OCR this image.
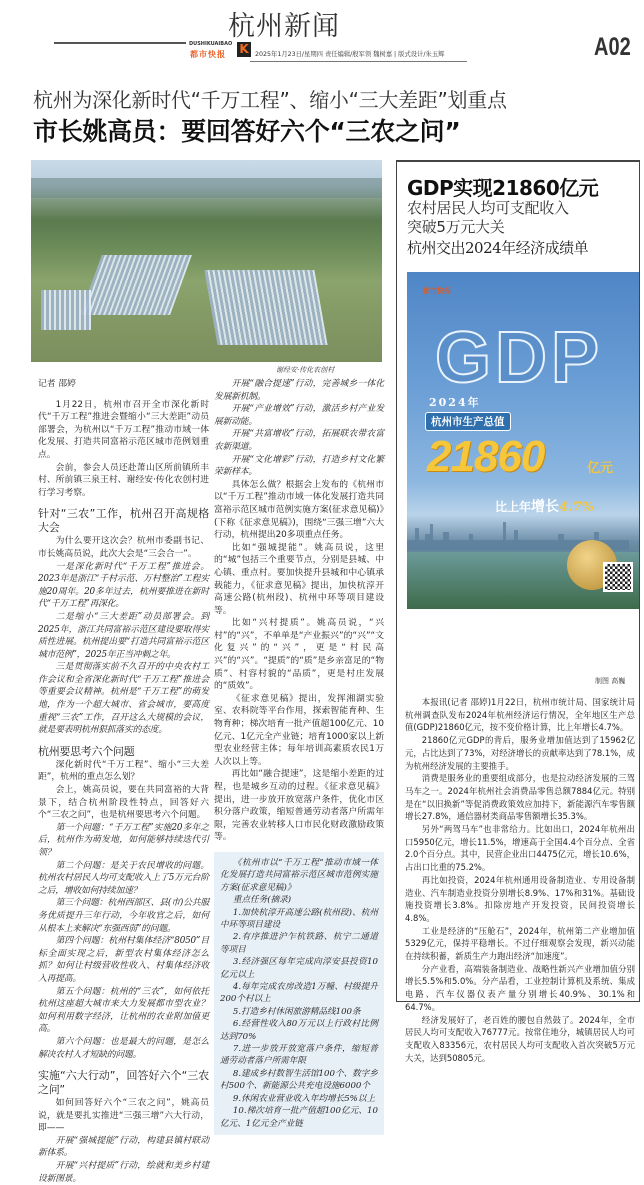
杭州新闻
DUSHIKUAIBAO
都市快报 K	2025年1月23日/星期四 责任编辑/殷军领 魏树嘉 | 版式设计/朱玉辉	A02
杭州为深化新时代“千万工程”、缩小“三大差距”划重点
市长姚高员：要回答好六个“三农之问”
谢经安·传化农创村

记者 邵婷

1月22日，杭州市召开全市深化新时代“千万工程”推进会暨缩小“三大差距”动员部署会，为杭州以“千万工程”推动市域一体化发展、打造共同富裕示范区城市范例划重点。

会前，参会人员还赴萧山区所前镇所丰村、所前镇三泉王村、谢经安·传化农创村进行学习考察。

针对“三农”工作，杭州召开高规格大会

为什么要开这次会？杭州市委副书记、市长姚高员说，此次大会是“三会合一”。

一是深化新时代“千万工程”推进会。2023年是浙江“千村示范、万村整治”工程实施20周年。20多年过去，杭州要推进在新时代“千万工程”再深化。

二是缩小“三大差距”动员部署会。到2025年，浙江共同富裕示范区建设要取得实质性进展。杭州提出要“打造共同富裕示范区城市范例”，2025年正当冲刺之年。

三是贯彻落实前不久召开的中央农村工作会议和全省深化新时代“千万工程”推进会等重要会议精神。杭州是“千万工程”的萌发地，作为一个超大城市、省会城市，要高度重视“三农”工作，召开这么大规模的会议，就是要表明杭州狠抓落实的态度。

杭州要思考六个问题

深化新时代“千万工程”、缩小“三大差距”，杭州的重点怎么划？

会上，姚高员说，要在共同富裕的大背景下，结合杭州阶段性特点，回答好六个“三农之问”，也是杭州要思考六个问题。

第一个问题：“千万工程”实施20多年之后，杭州作为萌发地，如何能够持续迭代引领？

第二个问题：是关于农民增收的问题。杭州农村居民人均可支配收入上了5万元台阶之后，增收如何持续加速？

第三个问题：杭州西部区、县(市)公共服务优质提升三年行动，今年收官之后，如何从根本上来解决“东强西弱”的问题。

第四个问题：杭州村集体经济“8050”目标全面实现之后，新型农村集体经济怎么抓？如何让村级营收性收入、村集体经济收入再提高。

第五个问题：杭州的“三农”，如何依托杭州这座超大城市来大力发展都市型农业？如何利用数字经济，让杭州的农业附加值更高。

第六个问题：也是最大的问题，是怎么解决农村人才短缺的问题。

实施“六大行动”，回答好六个“三农之问”

如何回答好六个“三农之问”，姚高员说，就是要扎实推进“三强三增”六大行动，即——

开展“强城提能”行动，构建县镇村联动新体系。

开展“兴村提质”行动，绘就和美乡村建设新图景。

开展“融合提速”行动，完善城乡一体化发展新机制。

开展“产业增效”行动，激活乡村产业发展新动能。

开展“共富增收”行动，拓展联农带农富农新渠道。

开展“文化增彩”行动，打造乡村文化繁荣新样本。

具体怎么做？根据会上发布的《杭州市以“千万工程”推动市域一体化发展打造共同富裕示范区城市范例实施方案(征求意见稿)》(下称《征求意见稿》)，围绕“三强三增”六大行动，杭州提出20多项重点任务。

比如“强城提能”。姚高员说，这里的“城”包括三个重要节点，分别是县城、中心镇、重点村。要加快提升县城和中心镇承载能力，《征求意见稿》提出，加快杭淳开高速公路(杭州段)、杭州中环等项目建设等。

比如“兴村提质”。姚高员说，“兴村”的“兴”，不单单是“产业振兴”的“兴”“文化复兴”的“兴”，更是“村民高兴”的“兴”。“提质”的“质”是乡亲富足的“物质”、村容村貌的“品质”，更是村庄发展的“质效”。

《征求意见稿》提出，发挥湘湖实验室、农科院等平台作用，探索智能育种、生物育种；梯次培育一批产值超100亿元、10亿元、1亿元全产业链；培育1000家以上新型农业经营主体；每年培训高素质农民1万人次以上等。

再比如“融合提速”，这是缩小差距的过程，也是城乡互动的过程。《征求意见稿》提出，进一步放开放宽落户条件，优化市区积分落户政策，缩短普通劳动者落户所需年限，完善农业转移人口市民化财政激励政策等。

《杭州市以“千万工程”推动市域一体化发展打造共同富裕示范区城市范例实施方案(征求意见稿)》

重点任务(摘录)

1.加快杭淳开高速公路(杭州段)、杭州中环等项目建设

2.有序推进沪乍杭铁路、杭宁二通道等项目

3.经济强区每年完成向淳安县投资10亿元以上

4.每年完成农房改造1万幢、村级提升200个村以上

5.打造乡村休闲旅游精品线100条

6.经营性收入80万元以上行政村比例达到70%

7.进一步放开放宽落户条件，缩短普通劳动者落户所需年限

8.建成乡村数智生活馆100个、数字乡村500个、新能源公共充电设施6000个

9.休闲农业营业收入年均增长5%以上

10.梯次培育一批产值超100亿元、10亿元、1亿元全产业链

GDP实现21860亿元
农村居民人均可支配收入
突破5万元大关
杭州交出2024年经济成绩单
都市快报
GDP
2024年
杭州市生产总值
21860	亿元
比上年增长4.7%
制图 高巍

本报讯(记者 邵婷)1月22日，杭州市统计局、国家统计局杭州调查队发布2024年杭州经济运行情况，全年地区生产总值(GDP)21860亿元，按不变价格计算，比上年增长4.7%。

21860亿元GDP的背后，服务业增加值达到了15962亿元，占比达到了73%，对经济增长的贡献率达到了78.1%，成为杭州经济发展的主要推手。

消费是服务业的重要组成部分，也是拉动经济发展的三驾马车之一。2024年杭州社会消费品零售总额7884亿元。特别是在“以旧换新”等促消费政策效应加持下，新能源汽车零售额增长27.8%，通信器材类商品零售额增长35.3%。

另外“两驾马车”也非常给力。比如出口，2024年杭州出口5950亿元，增长11.5%，增速高于全国4.4个百分点、全省2.0个百分点。其中，民营企业出口4475亿元，增长10.6%，占出口比重的75.2%。

再比如投资，2024年杭州通用设备制造业、专用设备制造业、汽车制造业投资分别增长8.9%、17%和31%。基础设施投资增长3.8%。扣除房地产开发投资，民间投资增长4.8%。

工业是经济的“压舱石”，2024年，杭州第二产业增加值5329亿元，保持平稳增长。不过仔细观察会发现，新兴动能在持续积蓄，新质生产力跑出经济“加速度”。

分产业看，高端装备制造业、战略性新兴产业增加值分别增长5.5%和5.0%。分产品看，工业控制计算机及系统、集成电路、汽车仪器仪表产量分别增长40.9%、30.1%和64.7%。

经济发展好了，老百姓的腰包自然鼓了。2024年，全市居民人均可支配收入76777元。按常住地分，城镇居民人均可支配收入83356元，农村居民人均可支配收入首次突破5万元大关，达到50805元。
